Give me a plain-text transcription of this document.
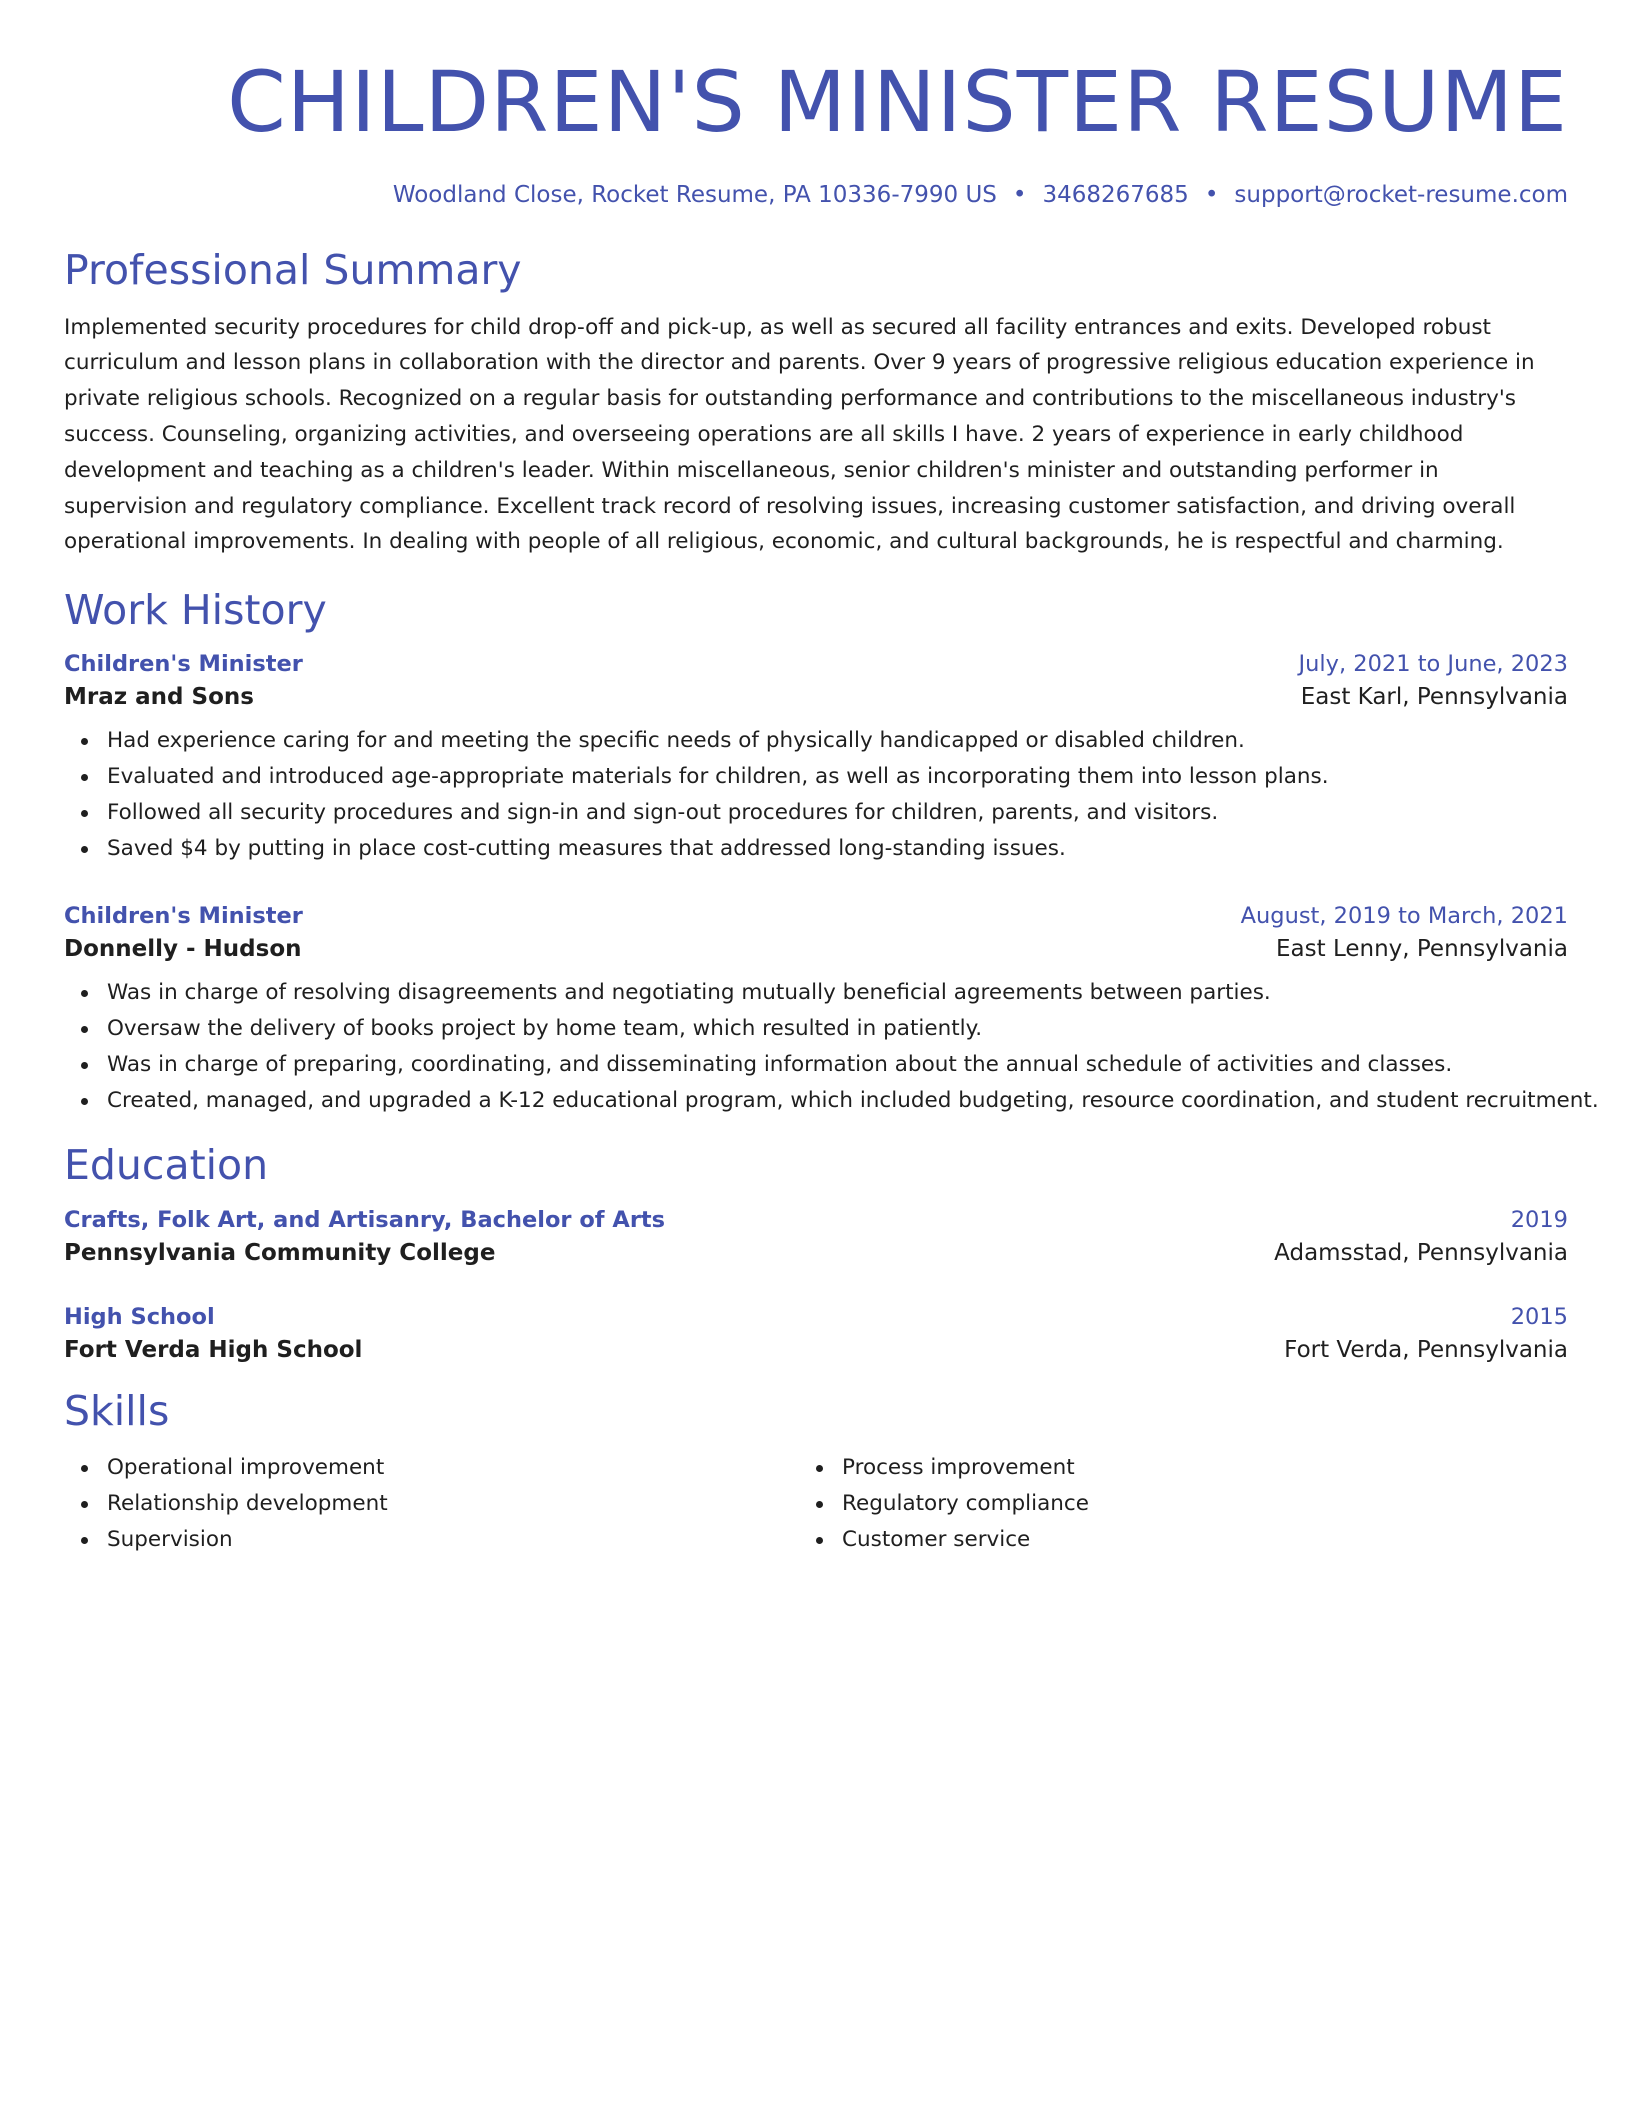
CHILDREN'S MINISTER RESUME
Woodland Close, Rocket Resume, PA 10336-7990 US • 3468267685 • support@rocket-resume.com
Professional Summary
Implemented security procedures for child drop-off and pick-up, as well as secured all facility entrances and exits. Developed robust curriculum and lesson plans in collaboration with the director and parents. Over 9 years of progressive religious education experience in private religious schools. Recognized on a regular basis for outstanding performance and contributions to the miscellaneous industry's success. Counseling, organizing activities, and overseeing operations are all skills I have. 2 years of experience in early childhood development and teaching as a children's leader. Within miscellaneous, senior children's minister and outstanding performer in supervision and regulatory compliance. Excellent track record of resolving issues, increasing customer satisfaction, and driving overall operational improvements. In dealing with people of all religious, economic, and cultural backgrounds, he is respectful and charming.
Work History
Children's Minister	July, 2021 to June, 2023
Mraz and Sons	East Karl, Pennsylvania
Had experience caring for and meeting the specific needs of physically handicapped or disabled children.
Evaluated and introduced age-appropriate materials for children, as well as incorporating them into lesson plans.
Followed all security procedures and sign-in and sign-out procedures for children, parents, and visitors.
Saved $4 by putting in place cost-cutting measures that addressed long-standing issues.
Children's Minister	August, 2019 to March, 2021
Donnelly - Hudson	East Lenny, Pennsylvania
Was in charge of resolving disagreements and negotiating mutually beneficial agreements between parties.
Oversaw the delivery of books project by home team, which resulted in patiently.
Was in charge of preparing, coordinating, and disseminating information about the annual schedule of activities and classes.
Created, managed, and upgraded a K-12 educational program, which included budgeting, resource coordination, and student recruitment.
Education
Crafts, Folk Art, and Artisanry, Bachelor of Arts	2019
Pennsylvania Community College	Adamsstad, Pennsylvania
High School	2015
Fort Verda High School	Fort Verda, Pennsylvania
Skills
Operational improvement
Relationship development
Supervision
Process improvement
Regulatory compliance
Customer service
